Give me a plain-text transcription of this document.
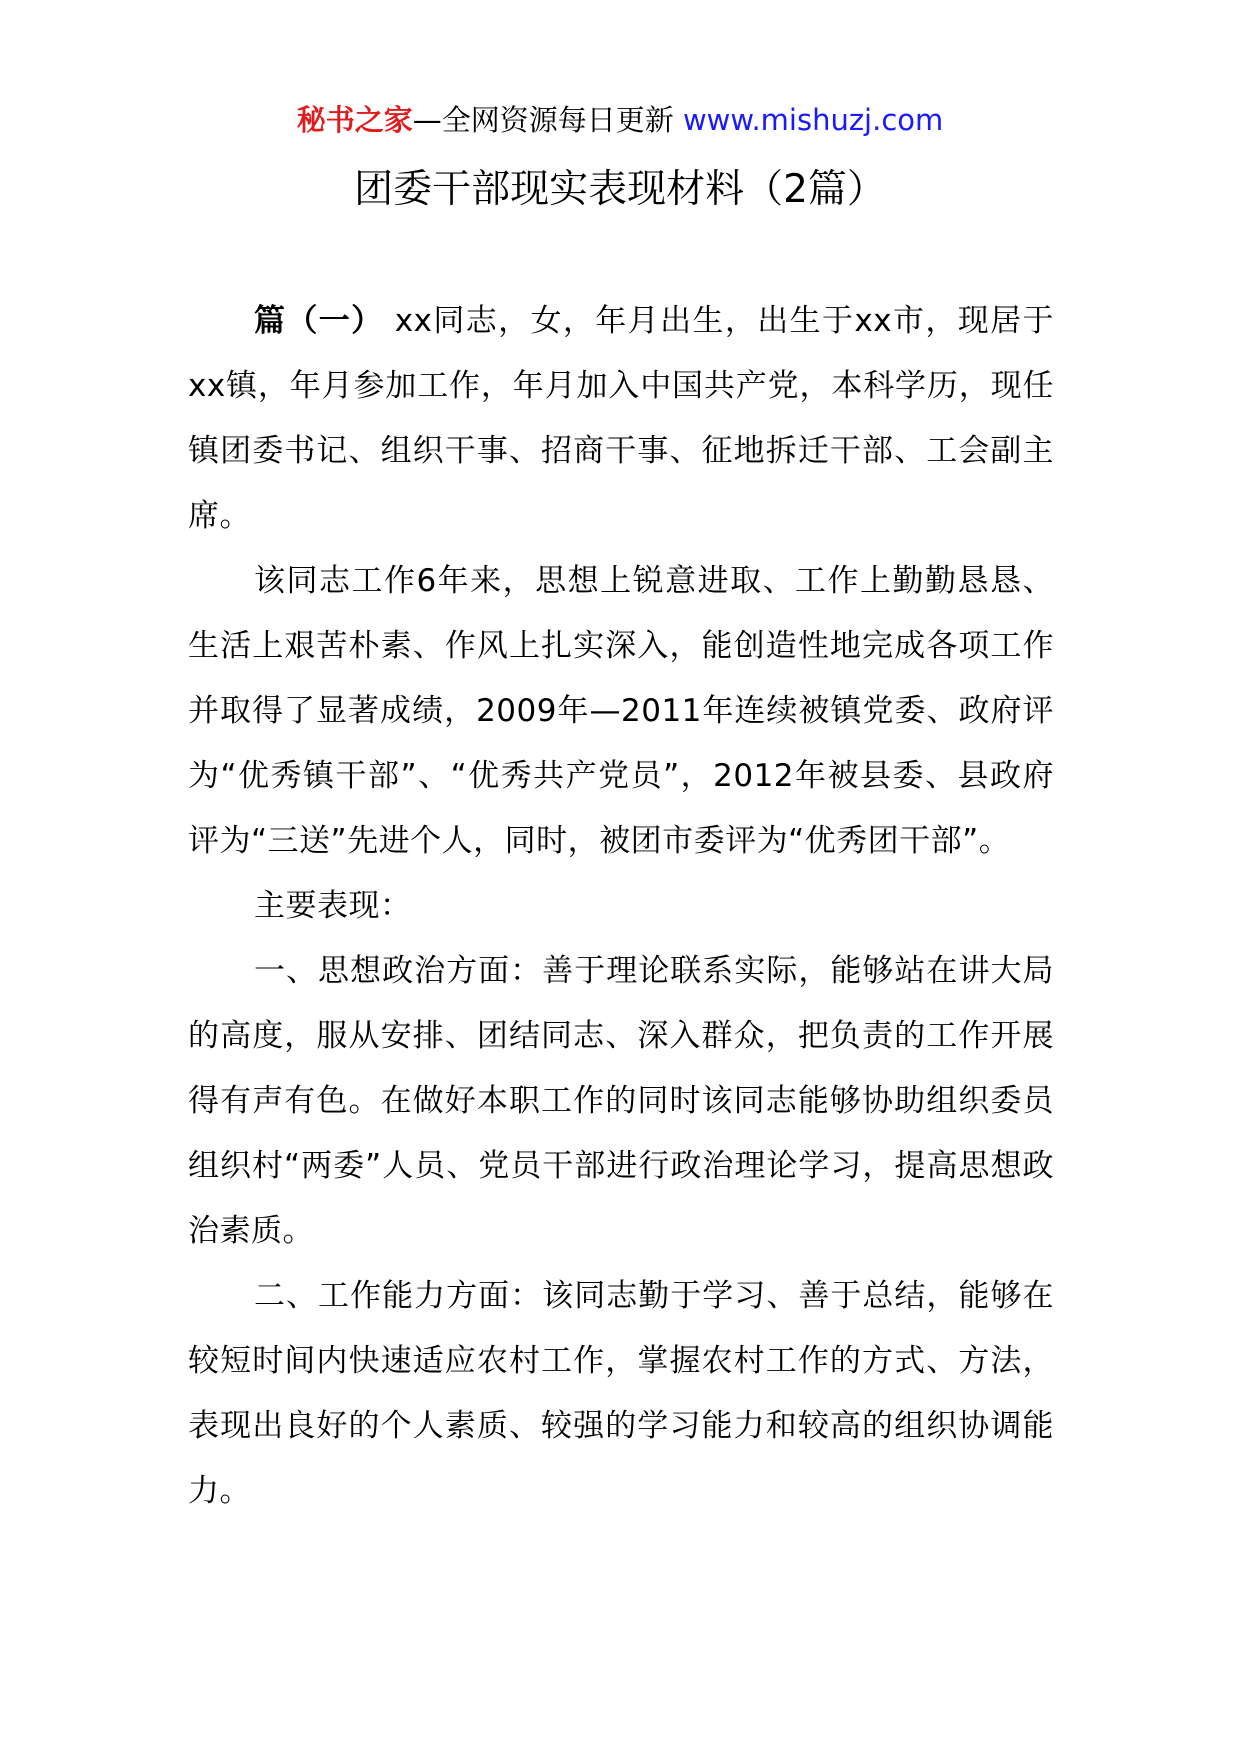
秘书之家—全网资源每日更新 www.mishuzj.com
团委干部现实表现材料（2篇）

篇（一） xx同志，女，年月出生，出生于xx市，现居于xx镇，年月参加工作，年月加入中国共产党，本科学历，现任镇团委书记、组织干事、招商干事、征地拆迁干部、工会副主席。

该同志工作6年来，思想上锐意进取、工作上勤勤恳恳、生活上艰苦朴素、作风上扎实深入，能创造性地完成各项工作并取得了显著成绩，2009年—2011年连续被镇党委、政府评为“优秀镇干部”、“优秀共产党员”，2012年被县委、县政府评为“三送”先进个人，同时，被团市委评为“优秀团干部”。

主要表现：

一、思想政治方面：善于理论联系实际，能够站在讲大局的高度，服从安排、团结同志、深入群众，把负责的工作开展得有声有色。在做好本职工作的同时该同志能够协助组织委员组织村“两委”人员、党员干部进行政治理论学习，提高思想政治素质。

二、工作能力方面：该同志勤于学习、善于总结，能够在较短时间内快速适应农村工作，掌握农村工作的方式、方法，表现出良好的个人素质、较强的学习能力和较高的组织协调能力。
